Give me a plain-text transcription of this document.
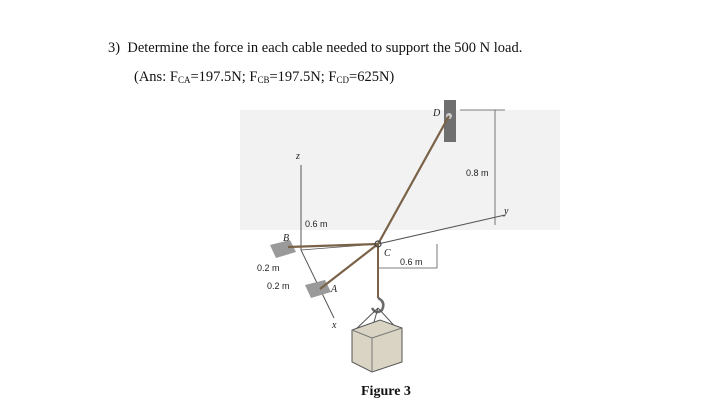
3) Determine the force in each cable needed to support the 500 N load.
(Ans: $F_{CA}=197.5N$; $F_{CB}=197.5N$; $F_{CD}=625N$)
D
C
B
A
z
y
x
0.6 m
0.6 m
0.8 m
0.2 m
0.2 m
Figure 3
